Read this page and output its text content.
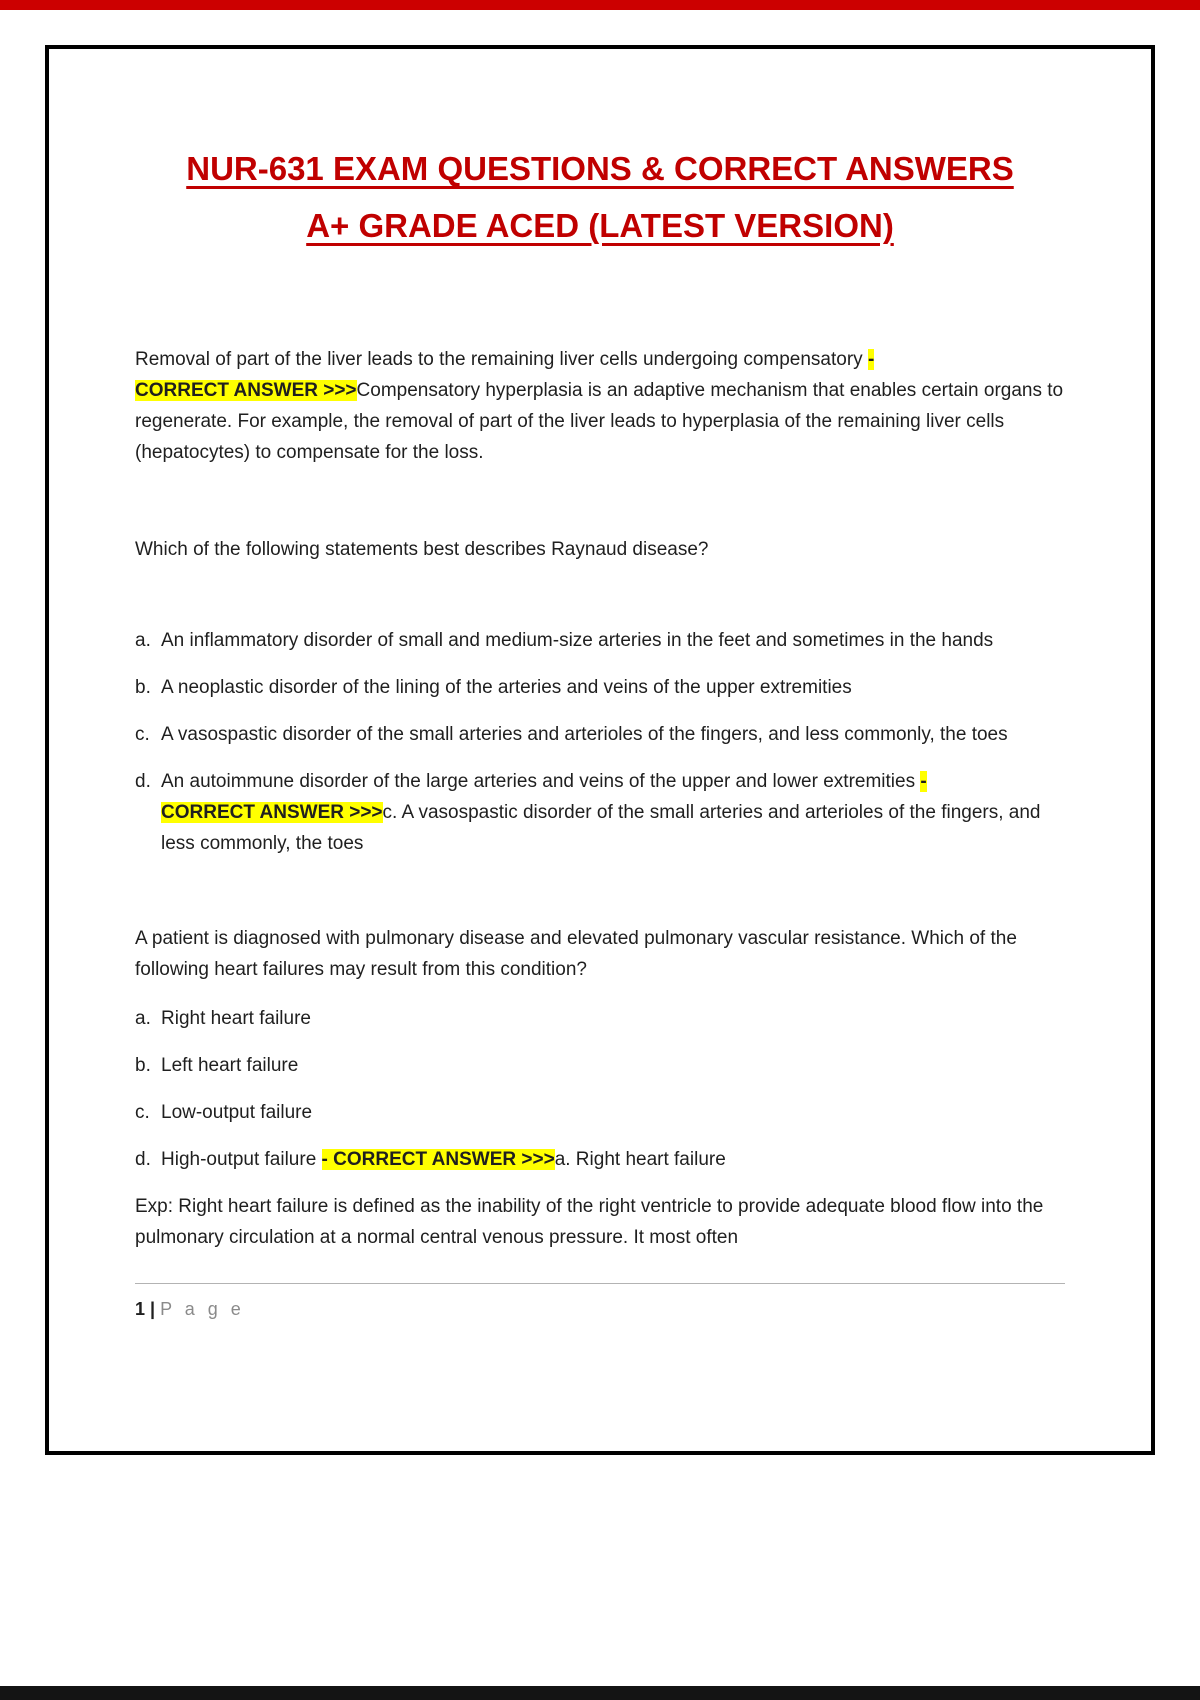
NUR-631 EXAM QUESTIONS & CORRECT ANSWERS
A+ GRADE ACED (LATEST VERSION)

Removal of part of the liver leads to the remaining liver cells undergoing compensatory -
CORRECT ANSWER >>>Compensatory hyperplasia is an adaptive mechanism that enables certain organs to regenerate. For example, the removal of part of the liver leads to hyperplasia of the remaining liver cells (hepatocytes) to compensate for the loss.

Which of the following statements best describes Raynaud disease?

a. An inflammatory disorder of small and medium-size arteries in the feet and sometimes in the hands
b. A neoplastic disorder of the lining of the arteries and veins of the upper extremities
c. A vasospastic disorder of the small arteries and arterioles of the fingers, and less commonly, the toes
d. An autoimmune disorder of the large arteries and veins of the upper and lower extremities -
CORRECT ANSWER >>>c. A vasospastic disorder of the small arteries and arterioles of the fingers, and less commonly, the toes

A patient is diagnosed with pulmonary disease and elevated pulmonary vascular resistance. Which of the following heart failures may result from this condition?

a. Right heart failure
b. Left heart failure
c. Low-output failure
d. High-output failure - CORRECT ANSWER >>>a. Right heart failure

Exp: Right heart failure is defined as the inability of the right ventricle to provide adequate blood flow into the pulmonary circulation at a normal central venous pressure. It most often

1 | P a g e
